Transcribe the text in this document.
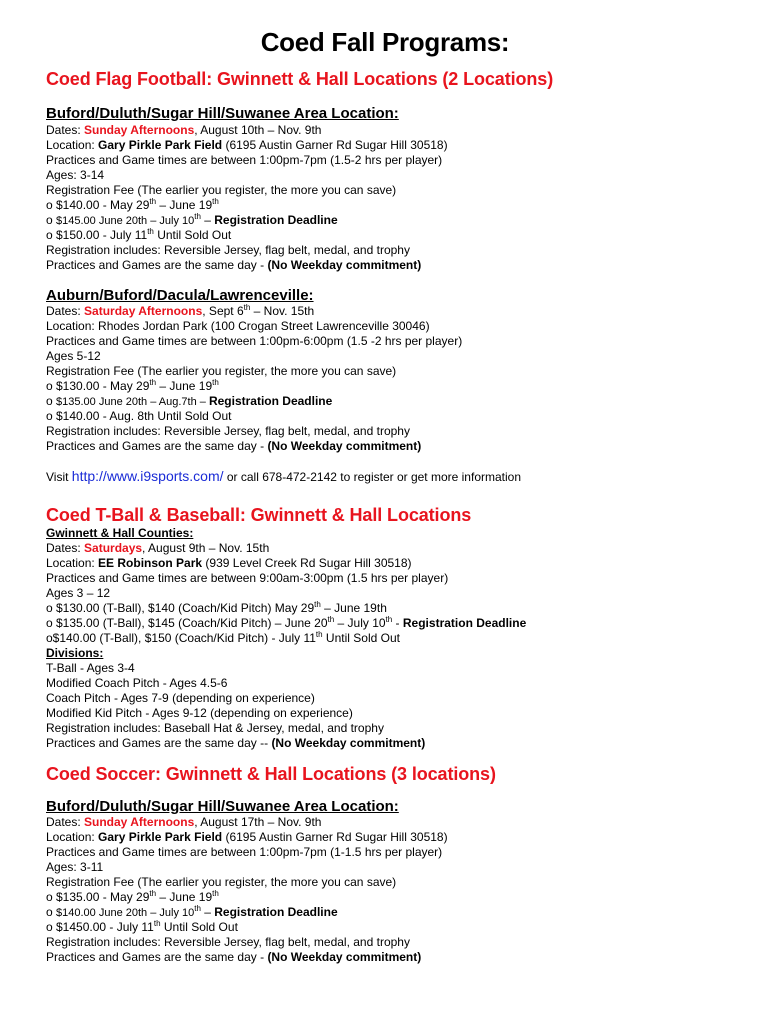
Coed Fall Programs:
Coed Flag Football: Gwinnett & Hall Locations (2 Locations)
Buford/Duluth/Sugar Hill/Suwanee Area Location:
Dates: Sunday Afternoons, August 10th – Nov. 9th
Location: Gary Pirkle Park Field (6195 Austin Garner Rd Sugar Hill 30518)
Practices and Game times are between 1:00pm-7pm (1.5-2 hrs per player)
Ages: 3-14
Registration Fee (The earlier you register, the more you can save)
o $140.00 - May 29th – June 19th
o $145.00 June 20th – July 10th – Registration Deadline
o $150.00 - July 11th Until Sold Out
Registration includes: Reversible Jersey, flag belt, medal, and trophy
Practices and Games are the same day - (No Weekday commitment)
Auburn/Buford/Dacula/Lawrenceville:
Dates: Saturday Afternoons, Sept 6th – Nov. 15th
Location: Rhodes Jordan Park (100 Crogan Street Lawrenceville 30046)
Practices and Game times are between 1:00pm-6:00pm (1.5 -2 hrs per player)
Ages 5-12
Registration Fee (The earlier you register, the more you can save)
o $130.00 - May 29th – June 19th
o $135.00 June 20th – Aug.7th – Registration Deadline
o $140.00 - Aug. 8th Until Sold Out
Registration includes: Reversible Jersey, flag belt, medal, and trophy
Practices and Games are the same day - (No Weekday commitment)
Visit http://www.i9sports.com/ or call 678-472-2142 to register or get more information
Coed T-Ball & Baseball: Gwinnett & Hall Locations
Gwinnett & Hall Counties:
Dates: Saturdays, August 9th – Nov. 15th
Location: EE Robinson Park (939 Level Creek Rd Sugar Hill 30518)
Practices and Game times are between 9:00am-3:00pm (1.5 hrs per player)
Ages 3 – 12
o $130.00 (T-Ball), $140 (Coach/Kid Pitch) May 29th – June 19th
o $135.00 (T-Ball), $145 (Coach/Kid Pitch) – June 20th – July 10th - Registration Deadline
o$140.00 (T-Ball), $150 (Coach/Kid Pitch) - July 11th Until Sold Out
Divisions:
T-Ball - Ages 3-4
Modified Coach Pitch - Ages 4.5-6
Coach Pitch - Ages 7-9 (depending on experience)
Modified Kid Pitch - Ages 9-12 (depending on experience)
Registration includes: Baseball Hat & Jersey, medal, and trophy
Practices and Games are the same day -- (No Weekday commitment)
Coed Soccer: Gwinnett & Hall Locations (3 locations)
Buford/Duluth/Sugar Hill/Suwanee Area Location:
Dates: Sunday Afternoons, August 17th – Nov. 9th
Location: Gary Pirkle Park Field (6195 Austin Garner Rd Sugar Hill 30518)
Practices and Game times are between 1:00pm-7pm (1-1.5 hrs per player)
Ages: 3-11
Registration Fee (The earlier you register, the more you can save)
o $135.00 - May 29th – June 19th
o $140.00 June 20th – July 10th – Registration Deadline
o $1450.00 - July 11th Until Sold Out
Registration includes: Reversible Jersey, flag belt, medal, and trophy
Practices and Games are the same day - (No Weekday commitment)
